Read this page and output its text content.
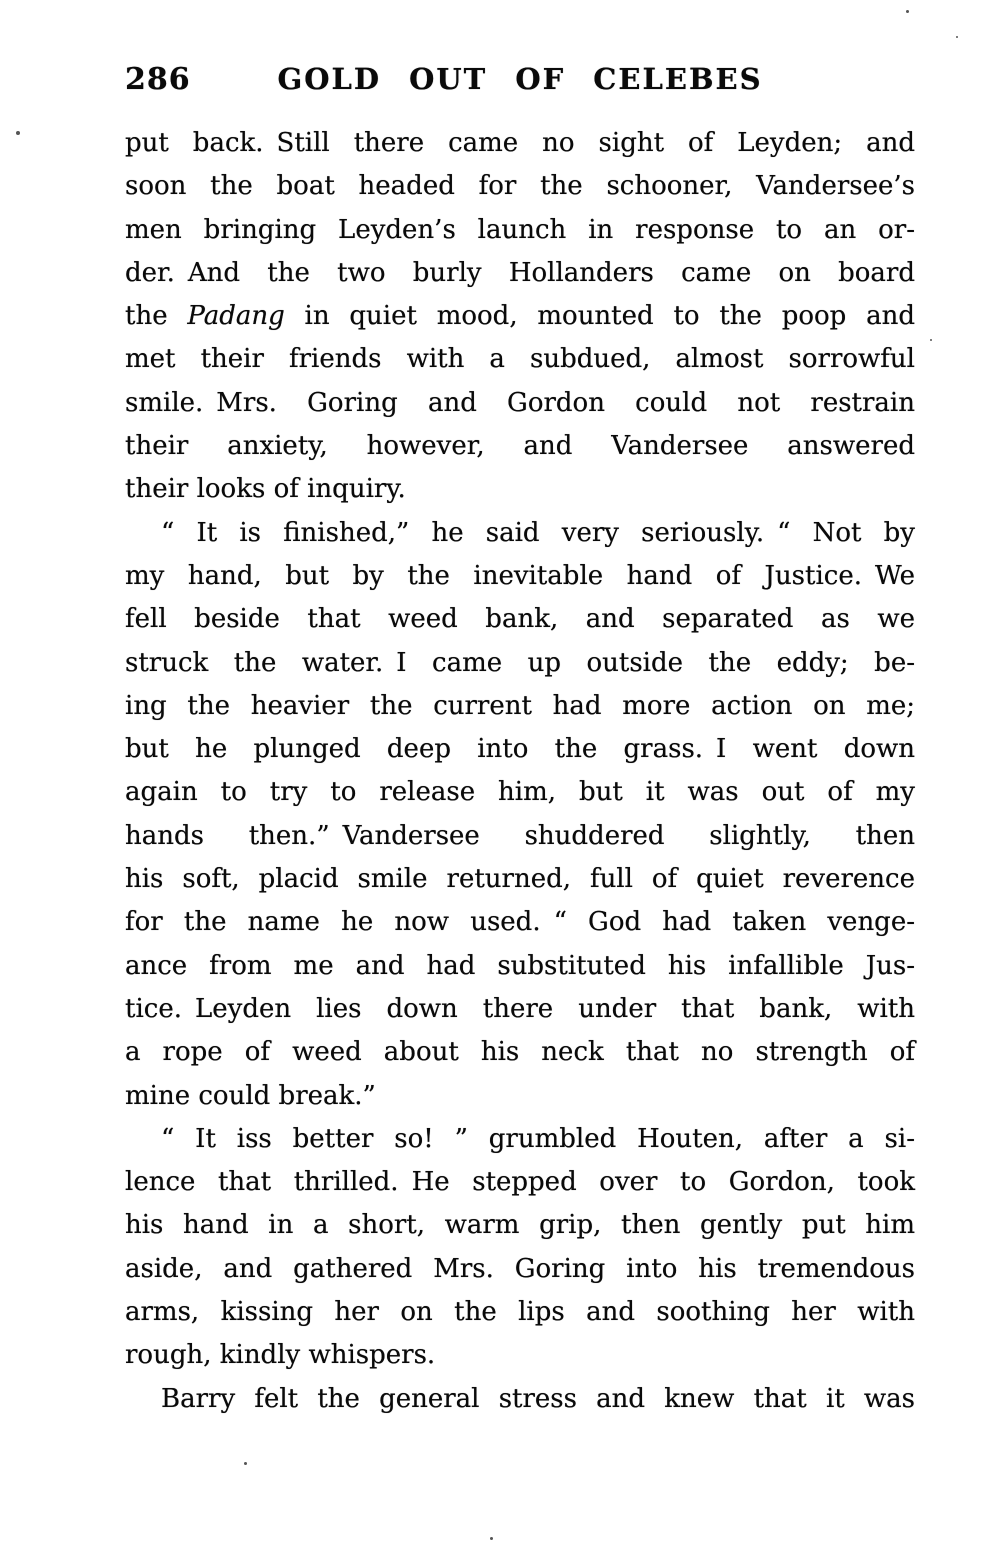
286	GOLD OUT OF CELEBES
put back. Still there came no sight of Leyden; and
soon the boat headed for the schooner, Vandersee’s
men bringing Leyden’s launch in response to an or-
der. And the two burly Hollanders came on board
the Padang in quiet mood, mounted to the poop and
met their friends with a subdued, almost sorrowful
smile. Mrs. Goring and Gordon could not restrain
their anxiety, however, and Vandersee answered
their looks of inquiry.
“ It is finished,” he said very seriously. “ Not by
my hand, but by the inevitable hand of Justice. We
fell beside that weed bank, and separated as we
struck the water. I came up outside the eddy; be-
ing the heavier the current had more action on me;
but he plunged deep into the grass. I went down
again to try to release him, but it was out of my
hands then.” Vandersee shuddered slightly, then
his soft, placid smile returned, full of quiet reverence
for the name he now used. “ God had taken venge-
ance from me and had substituted his infallible Jus-
tice. Leyden lies down there under that bank, with
a rope of weed about his neck that no strength of
mine could break.”
“ It iss better so! ” grumbled Houten, after a si-
lence that thrilled. He stepped over to Gordon, took
his hand in a short, warm grip, then gently put him
aside, and gathered Mrs. Goring into his tremendous
arms, kissing her on the lips and soothing her with
rough, kindly whispers.
Barry felt the general stress and knew that it was
